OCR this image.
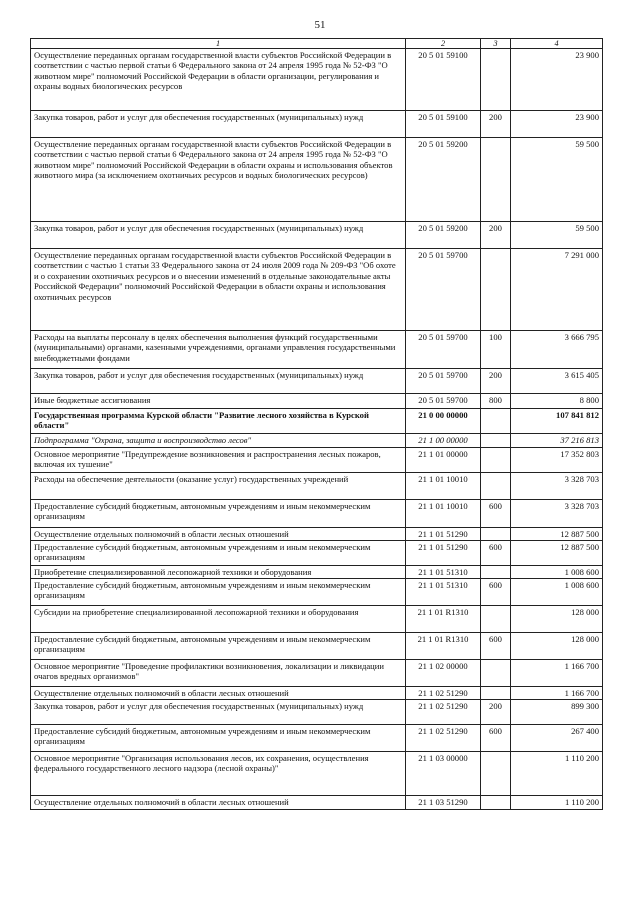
51
1	2	3	4
Осуществление переданных органам государственной власти субъектов Российской Федерации в соответствии с частью первой статьи 6 Федерального закона от 24 апреля 1995 года № 52-ФЗ "О животном мире" полномочий Российской Федерации в области организации, регулирования и охраны водных биологических ресурсов	20 5 01 59100		23 900
Закупка товаров, работ и услуг для обеспечения государственных (муниципальных) нужд	20 5 01 59100	200	23 900
Осуществление переданных органам государственной власти субъектов Российской Федерации в соответствии с частью первой статьи 6 Федерального закона от 24 апреля 1995 года № 52-ФЗ "О животном мире" полномочий Российской Федерации в области охраны и использования объектов животного мира (за исключением охотничьих ресурсов и водных биологических ресурсов)	20 5 01 59200		59 500
Закупка товаров, работ и услуг для обеспечения государственных (муниципальных) нужд	20 5 01 59200	200	59 500
Осуществление переданных органам государственной власти субъектов Российской Федерации в соответствии с частью 1 статьи 33 Федерального закона от 24 июля 2009 года № 209-ФЗ "Об охоте и о сохранении охотничьих ресурсов и о внесении изменений в отдельные законодательные акты Российской Федерации" полномочий Российской Федерации в области охраны и использования охотничьих ресурсов	20 5 01 59700		7 291 000
Расходы на выплаты персоналу в целях обеспечения выполнения функций государственными (муниципальными) органами, казенными учреждениями, органами управления государственными внебюджетными фондами	20 5 01 59700	100	3 666 795
Закупка товаров, работ и услуг для обеспечения государственных (муниципальных) нужд	20 5 01 59700	200	3 615 405
Иные бюджетные ассигнования	20 5 01 59700	800	8 800
Государственная программа Курской области "Развитие лесного хозяйства в Курской области"	21 0 00 00000		107 841 812
Подпрограмма "Охрана, защита и воспроизводство лесов"	21 1 00 00000		37 216 813
Основное мероприятие "Предупреждение возникновения и распространения лесных пожаров, включая их тушение"	21 1 01 00000		17 352 803
Расходы на обеспечение деятельности (оказание услуг) государственных учреждений	21 1 01 10010		3 328 703
Предоставление субсидий бюджетным, автономным учреждениям и иным некоммерческим организациям	21 1 01 10010	600	3 328 703
Осуществление отдельных полномочий в области лесных отношений	21 1 01 51290		12 887 500
Предоставление субсидий бюджетным, автономным учреждениям и иным некоммерческим организациям	21 1 01 51290	600	12 887 500
Приобретение специализированной лесопожарной техники и оборудования	21 1 01 51310		1 008 600
Предоставление субсидий бюджетным, автономным учреждениям и иным некоммерческим организациям	21 1 01 51310	600	1 008 600
Субсидии на приобретение специализированной лесопожарной техники и оборудования	21 1 01 R1310		128 000
Предоставление субсидий бюджетным, автономным учреждениям и иным некоммерческим организациям	21 1 01 R1310	600	128 000
Основное мероприятие "Проведение профилактики возникновения, локализации и ликвидации очагов вредных организмов"	21 1 02 00000		1 166 700
Осуществление отдельных полномочий в области лесных отношений	21 1 02 51290		1 166 700
Закупка товаров, работ и услуг для обеспечения государственных (муниципальных) нужд	21 1 02 51290	200	899 300
Предоставление субсидий бюджетным, автономным учреждениям и иным некоммерческим организациям	21 1 02 51290	600	267 400
Основное мероприятие "Организация использования лесов, их сохранения, осуществления федерального государственного лесного надзора (лесной охраны)"	21 1 03 00000		1 110 200
Осуществление отдельных полномочий в области лесных отношений	21 1 03 51290		1 110 200
